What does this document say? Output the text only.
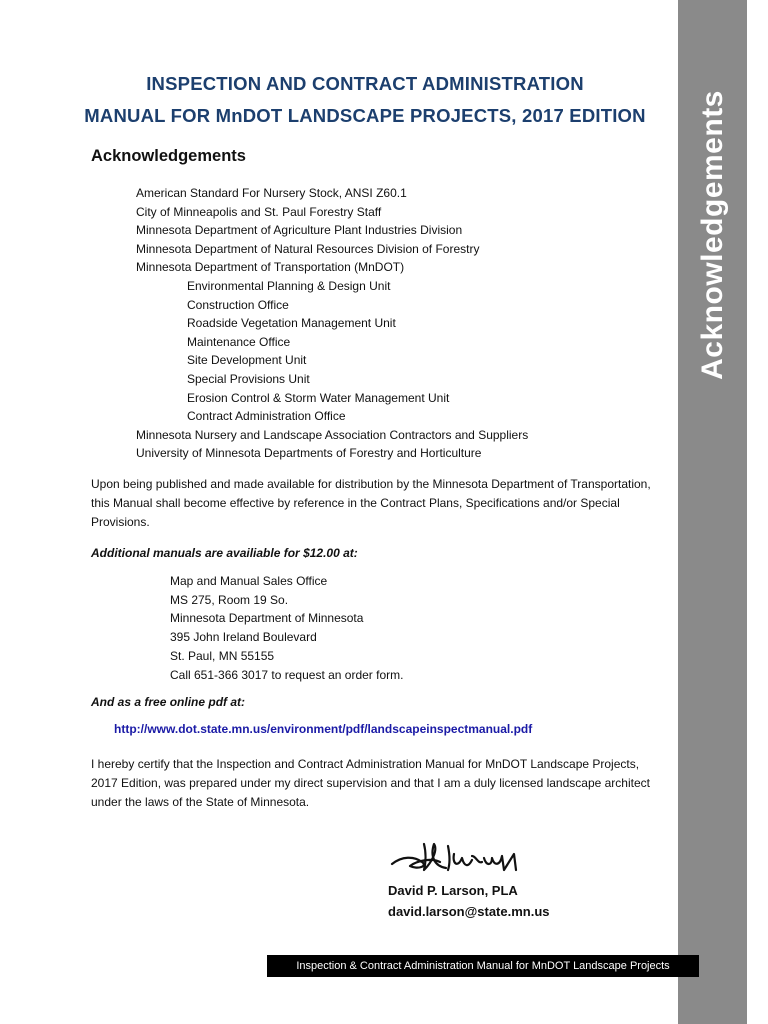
Acknowledgements
INSPECTION AND CONTRACT ADMINISTRATION
MANUAL FOR MnDOT LANDSCAPE PROJECTS, 2017 EDITION
Acknowledgements
American Standard For Nursery Stock, ANSI Z60.1
City of Minneapolis and St. Paul Forestry Staff
Minnesota Department of Agriculture Plant Industries Division
Minnesota Department of Natural Resources Division of Forestry
Minnesota Department of Transportation (MnDOT)
Environmental Planning & Design Unit
Construction Office
Roadside Vegetation Management Unit
Maintenance Office
Site Development Unit
Special Provisions Unit
Erosion Control & Storm Water Management Unit
Contract Administration Office
Minnesota Nursery and Landscape Association Contractors and Suppliers
University of Minnesota Departments of Forestry and Horticulture
Upon being published and made available for distribution by the Minnesota Department of Transportation, this Manual shall become effective by reference in the Contract Plans, Specifications and/or Special Provisions.
Additional manuals are availiable for $12.00 at:
Map and Manual Sales Office
MS 275, Room 19 So.
Minnesota Department of Minnesota
395 John Ireland Boulevard
St. Paul, MN 55155
Call 651-366 3017 to request an order form.
And as a free online pdf at:
http://www.dot.state.mn.us/environment/pdf/landscapeinspectmanual.pdf
I hereby certify that the Inspection and Contract Administration Manual for MnDOT Landscape Projects, 2017 Edition, was prepared under my direct supervision and that I am a duly licensed landscape architect under the laws of the State of Minnesota.
David P. Larson, PLA
david.larson@state.mn.us
Inspection & Contract Administration Manual for MnDOT Landscape Projects
